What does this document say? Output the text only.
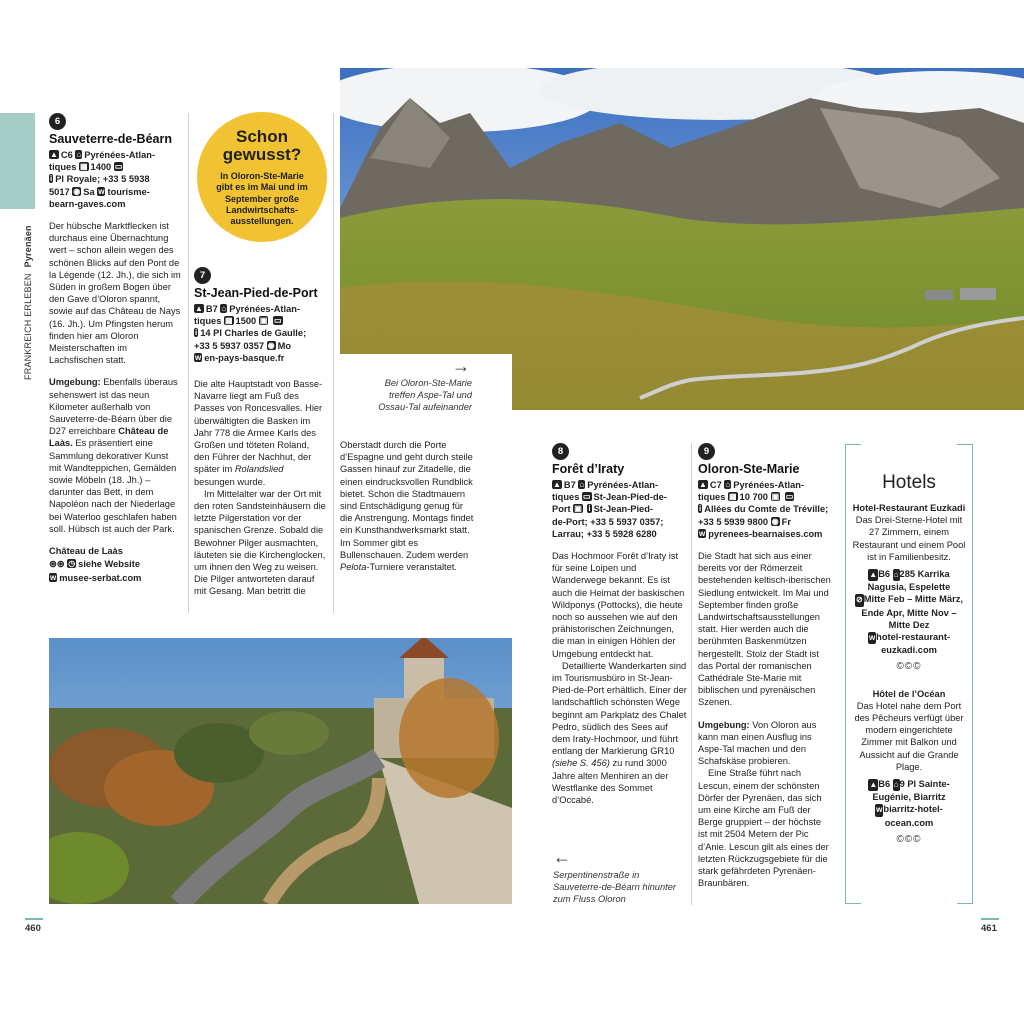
FRANKREICH ERLEBENPyrenäen
6
Sauveterre-de-Béarn
▲ C6 ⌂ Pyrénées-Atlan-
tiques ▦ 1400 ▭
i Pl Royale; +33 5 5938
5017 ◉ Sa w tourisme-
bearn-gaves.com

Der hübsche Marktflecken ist durchaus eine Übernachtung wert – schon allein wegen des schönen Blicks auf den Pont de la Légende (12. Jh.), die sich im Süden in großem Bogen über den Gave d’Oloron spannt, sowie auf das Château de Nays (16. Jh.). Um Pfingsten herum finden hier am Oloron Meisterschaften im Lachsfischen statt.

Umgebung: Ebenfalls überaus sehenswert ist das neun Kilometer außerhalb von Sauveterre-de-Béarn über die D27 erreichbare Château de Laàs. Es präsentiert eine Sammlung dekorativer Kunst mit Wandteppichen, Gemälden sowie Möbeln (18. Jh.) – darunter das Bett, in dem Napoléon nach der Niederlage bei Waterloo geschlafen haben soll. Hübsch ist auch der Park.

Château de Laàs
⊛⊛ ◷ siehe Website
w musee-serbat.com
Schon gewusst?
In Oloron-Ste-Marie gibt es im Mai und im September große Landwirtschafts-ausstellungen.
7
St-Jean-Pied-de-Port
▲ B7 ⌂ Pyrénées-Atlan-
tiques ▦ 1500 ▣ ▭
i 14 Pl Charles de Gaulle;
+33 5 5937 0357 ◉ Mo
w en-pays-basque.fr

Die alte Hauptstadt von Basse-Navarre liegt am Fuß des Passes von Roncesvalles. Hier überwältigten die Basken im Jahr 778 die Armee Karls des Großen und töteten Roland, den Führer der Nachhut, der später im Rolandslied besungen wurde.

Im Mittelalter war der Ort mit den roten Sandsteinhäusern die letzte Pilgerstation vor der spanischen Grenze. Sobald die Bewohner Pilger ausmachten, läuteten sie die Kirchenglocken, um ihnen den Weg zu weisen. Die Pilger antworteten darauf mit Gesang. Man betritt die

Oberstadt durch die Porte d’Espagne und geht durch steile Gassen hinauf zur Zitadelle, die einen eindrucksvollen Rundblick bietet. Schon die Stadtmauern sind Entschädigung genug für die Anstrengung. Montags findet ein Kunsthandwerksmarkt statt. Im Sommer gibt es Bullenschauen. Zudem werden Pelota-Turniere veranstaltet.

→
Bei Oloron-Ste-Marie treffen Aspe-Tal und Ossau-Tal aufeinander
←
Serpentinenstraße in Sauveterre-de-Béarn hinunter zum Fluss Oloron
8
Forêt d’Iraty
▲ B7 ⌂ Pyrénées-Atlan-
tiques ▭ St-Jean-Pied-de-
Port ▣ i St-Jean-Pied-
de-Port; +33 5 5937 0357;
Larrau; +33 5 5928 6280

Das Hochmoor Forêt d’Iraty ist für seine Loipen und Wanderwege bekannt. Es ist auch die Heimat der baskischen Wildponys (Pottocks), die heute noch so aussehen wie auf den prähistorischen Zeichnungen, die man in einigen Höhlen der Umgebung entdeckt hat.

Detaillierte Wanderkarten sind im Tourismusbüro in St-Jean-Pied-de-Port erhältlich. Einer der landschaftlich schönsten Wege beginnt am Parkplatz des Chalet Pedro, südlich des Sees auf dem Iraty-Hochmoor, und führt entlang der Markierung GR10 (siehe S. 456) zu rund 3000 Jahre alten Menhiren an der Westflanke des Sommet d’Occabé.

9
Oloron-Ste-Marie
▲ C7 ⌂ Pyrénées-Atlan-
tiques ▦ 10 700 ▣ ▭
i Allées du Comte de Tréville; +33 5 5939 9800 ◉ Fr
w pyrenees-bearnaises.com

Die Stadt hat sich aus einer bereits vor der Römerzeit bestehenden keltisch-iberischen Siedlung entwickelt. Im Mai und September finden große Landwirtschaftsausstellungen statt. Hier werden auch die berühmten Baskenmützen hergestellt. Stolz der Stadt ist das Portal der romanischen Cathédrale Ste-Marie mit biblischen und pyrenäischen Szenen.

Umgebung: Von Oloron aus kann man einen Ausflug ins Aspe-Tal machen und den Schafskäse probieren.

Eine Straße führt nach Lescun, einem der schönsten Dörfer der Pyrenäen, das sich um eine Kirche am Fuß der Berge gruppiert – der höchste ist mit 2504 Metern der Pic d’Anie. Lescun gilt als eines der letzten Rückzugsgebiete für die stark gefährdeten Pyrenäen-Braunbären.

Hotels
Hotel-Restaurant Euzkadi
Das Drei-Sterne-Hotel mit 27 Zimmern, einem Restaurant und einem Pool ist in Familienbesitz.
▲B6 ⌂285 Karrika Nagusia, Espelette
⊘Mitte Feb – Mitte März, Ende Apr, Mitte Nov – Mitte Dez
whotel-restaurant-euzkadi.com
©©©
Hôtel de l’Océan
Das Hotel nahe dem Port des Pêcheurs verfügt über modern eingerichtete Zimmer mit Balkon und Aussicht auf die Grande Plage.
▲B6 ⌂9 Pl Sainte-Eugénie, Biarritz
wbiarritz-hotel-ocean.com
©©©
460	461
